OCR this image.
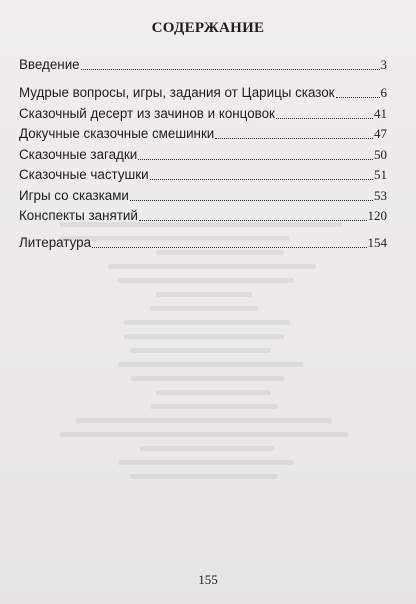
СОДЕРЖАНИЕ
Введение	3
Мудрые вопросы, игры, задания от Царицы сказок	6
Сказочный десерт из зачинов и концовок	41
Докучные сказочные смешинки	47
Сказочные загадки	50
Сказочные частушки	51
Игры со сказками	53
Конспекты занятий	120
Литература	154
155
